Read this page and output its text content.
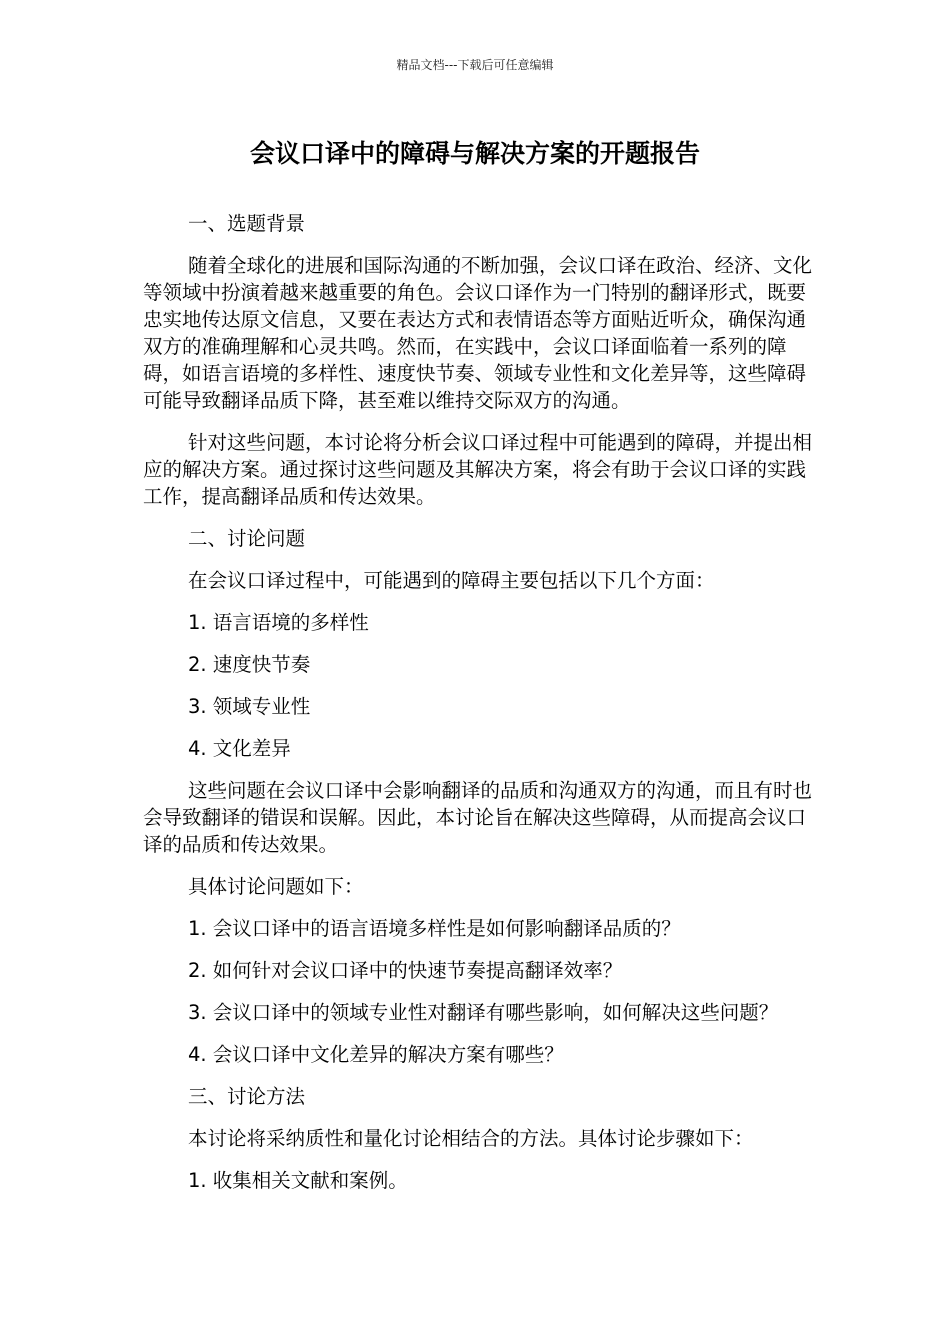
精品文档---下载后可任意编辑
会议口译中的障碍与解决方案的开题报告

一、选题背景

随着全球化的进展和国际沟通的不断加强，会议口译在政治、经济、文化等领域中扮演着越来越重要的角色。会议口译作为一门特别的翻译形式，既要忠实地传达原文信息，又要在表达方式和表情语态等方面贴近听众，确保沟通双方的准确理解和心灵共鸣。然而，在实践中，会议口译面临着一系列的障碍，如语言语境的多样性、速度快节奏、领域专业性和文化差异等，这些障碍可能导致翻译品质下降，甚至难以维持交际双方的沟通。

针对这些问题，本讨论将分析会议口译过程中可能遇到的障碍，并提出相应的解决方案。通过探讨这些问题及其解决方案，将会有助于会议口译的实践工作，提高翻译品质和传达效果。

二、讨论问题

在会议口译过程中，可能遇到的障碍主要包括以下几个方面：

1. 语言语境的多样性

2. 速度快节奏

3. 领域专业性

4. 文化差异

这些问题在会议口译中会影响翻译的品质和沟通双方的沟通，而且有时也会导致翻译的错误和误解。因此，本讨论旨在解决这些障碍，从而提高会议口译的品质和传达效果。

具体讨论问题如下：

1. 会议口译中的语言语境多样性是如何影响翻译品质的？

2. 如何针对会议口译中的快速节奏提高翻译效率？

3. 会议口译中的领域专业性对翻译有哪些影响，如何解决这些问题？

4. 会议口译中文化差异的解决方案有哪些？

三、讨论方法

本讨论将采纳质性和量化讨论相结合的方法。具体讨论步骤如下：

1. 收集相关文献和案例。
